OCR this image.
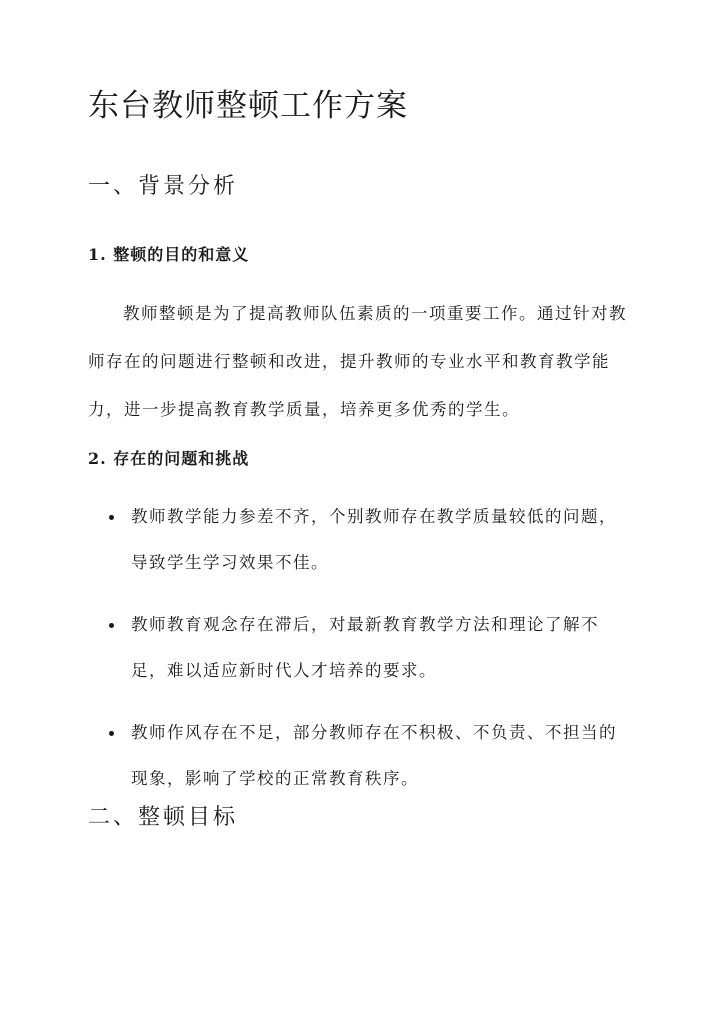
东台教师整顿工作方案
一、背景分析
1. 整顿的目的和意义

教师整顿是为了提高教师队伍素质的一项重要工作。通过针对教师存在的问题进行整顿和改进，提升教师的专业水平和教育教学能力，进一步提高教育教学质量，培养更多优秀的学生。

2. 存在的问题和挑战
教师教学能力参差不齐，个别教师存在教学质量较低的问题，导致学生学习效果不佳。
教师教育观念存在滞后，对最新教育教学方法和理论了解不足，难以适应新时代人才培养的要求。
教师作风存在不足，部分教师存在不积极、不负责、不担当的现象，影响了学校的正常教育秩序。
二、整顿目标
